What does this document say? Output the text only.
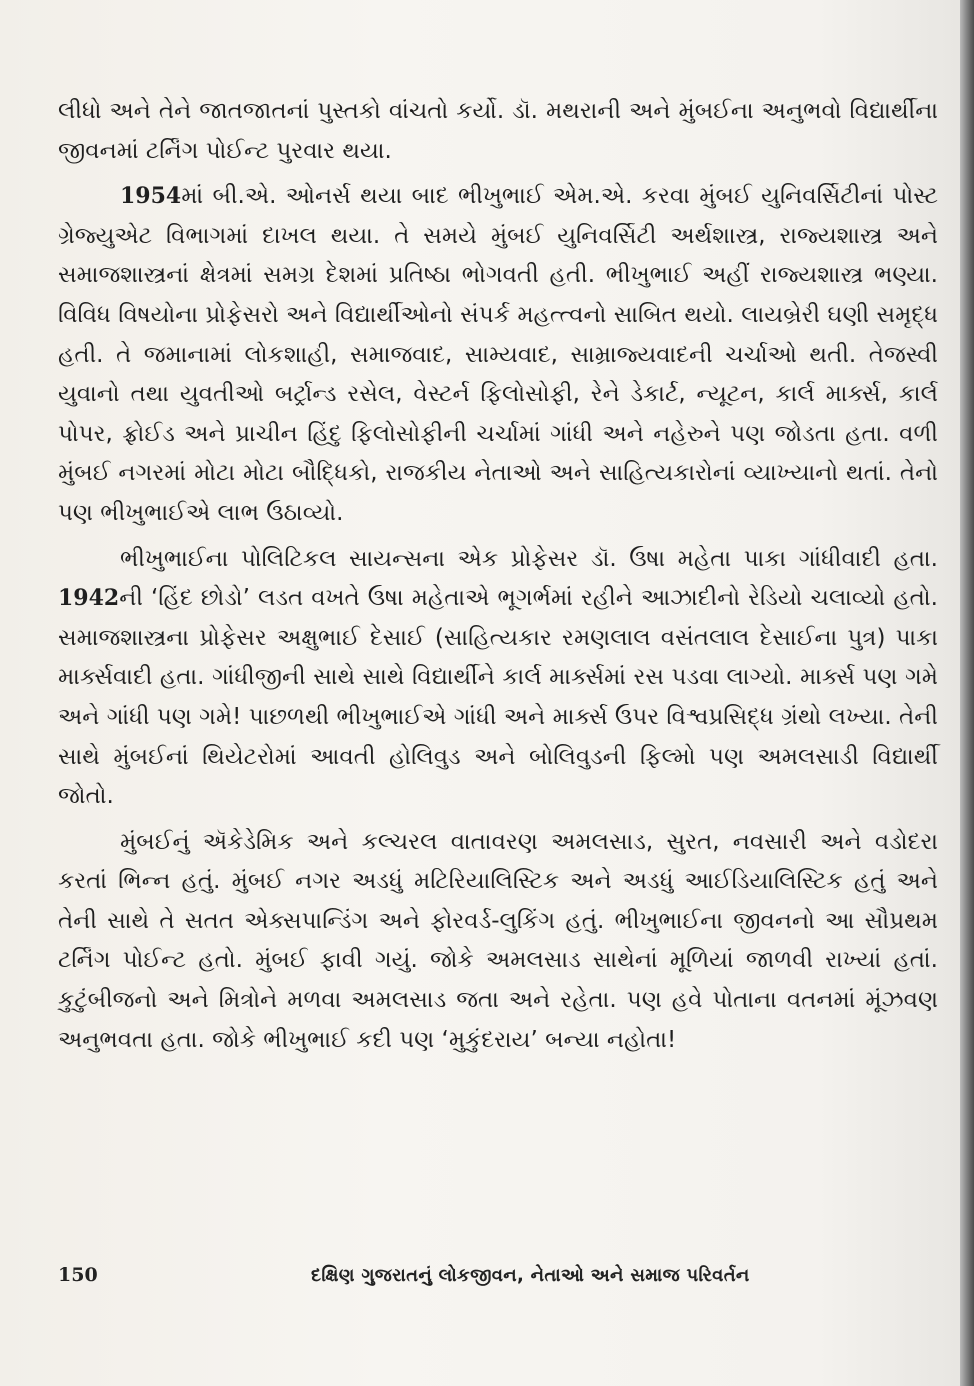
લીધો અને તેને જાતજાતનાં પુસ્તકો વાંચતો કર્યો. ડૉ. મથરાની અને મુંબઈના અનુભવો વિદ્યાર્થીના જીવનમાં ટર્નિંગ પોઈન્ટ પુરવાર થયા.

1954માં બી.એ. ઓનર્સ થયા બાદ ભીખુભાઈ એમ.એ. કરવા મુંબઈ યુનિવર્સિટીનાં પોસ્ટ ગ્રેજ્યુએટ વિભાગમાં દાખલ થયા. તે સમયે મુંબઈ યુનિવર્સિટી અર્થશાસ્ત્ર, રાજ્યશાસ્ત્ર અને સમાજશાસ્ત્રનાં ક્ષેત્રમાં સમગ્ર દેશમાં પ્રતિષ્ઠા ભોગવતી હતી. ભીખુભાઈ અહીં રાજ્યશાસ્ત્ર ભણ્યા. વિવિધ વિષયોના પ્રોફેસરો અને વિદ્યાર્થીઓનો સંપર્ક મહત્ત્વનો સાબિત થયો. લાયબ્રેરી ઘણી સમૃદ્ધ હતી. તે જમાનામાં લોકશાહી, સમાજવાદ, સામ્યવાદ, સામ્રાજ્યવાદની ચર્ચાઓ થતી. તેજસ્વી યુવાનો તથા યુવતીઓ બર્ટ્રાન્ડ રસેલ, વેસ્ટર્ન ફિલોસોફી, રેને ડેકાર્ટ, ન્યૂટન, કાર્લ માર્ક્સ, કાર્લ પોપર, ફ્રોઈડ અને પ્રાચીન હિંદુ ફિલોસોફીની ચર્ચામાં ગાંધી અને નહેરુને પણ જોડતા હતા. વળી મુંબઈ નગરમાં મોટા મોટા બૌદ્ધિકો, રાજકીય નેતાઓ અને સાહિત્યકારોનાં વ્યાખ્યાનો થતાં. તેનો પણ ભીખુભાઈએ લાભ ઉઠાવ્યો.

ભીખુભાઈના પોલિટિકલ સાયન્સના એક પ્રોફેસર ડૉ. ઉષા મહેતા પાકા ગાંધીવાદી હતા. 1942ની ‘હિંદ છોડો’ લડત વખતે ઉષા મહેતાએ ભૂગર્ભમાં રહીને આઝાદીનો રેડિયો ચલાવ્યો હતો. સમાજશાસ્ત્રના પ્રોફેસર અક્ષુભાઈ દેસાઈ (સાહિત્યકાર રમણલાલ વસંતલાલ દેસાઈના પુત્ર) પાકા માર્ક્સવાદી હતા. ગાંધીજીની સાથે સાથે વિદ્યાર્થીને કાર્લ માર્ક્સમાં રસ પડવા લાગ્યો. માર્ક્સ પણ ગમે અને ગાંધી પણ ગમે! પાછળથી ભીખુભાઈએ ગાંધી અને માર્ક્સ ઉપર વિશ્વપ્રસિદ્ધ ગ્રંથો લખ્યા. તેની સાથે મુંબઈનાં થિયેટરોમાં આવતી હોલિવુડ અને બોલિવુડની ફિલ્મો પણ અમલસાડી વિદ્યાર્થી જોતો.

મુંબઈનું ઍકેડેમિક અને કલ્ચરલ વાતાવરણ અમલસાડ, સુરત, નવસારી અને વડોદરા કરતાં ભિન્ન હતું. મુંબઈ નગર અડધું મટિરિયાલિસ્ટિક અને અડધું આઈડિયાલિસ્ટિક હતું અને તેની સાથે તે સતત એક્સપાન્ડિંગ અને ફોરવર્ડ-લુકિંગ હતું. ભીખુભાઈના જીવનનો આ સૌપ્રથમ ટર્નિંગ પોઈન્ટ હતો. મુંબઈ ફાવી ગયું. જોકે અમલસાડ સાથેનાં મૂળિયાં જાળવી રાખ્યાં હતાં. કુટુંબીજનો અને મિત્રોને મળવા અમલસાડ જતા અને રહેતા. પણ હવે પોતાના વતનમાં મૂંઝવણ અનુભવતા હતા. જોકે ભીખુભાઈ કદી પણ ‘મુકુંદરાય’ બન્યા નહોતા!

150	દક્ષિણ ગુજરાતનું લોકજીવન, નેતાઓ અને સમાજ પરિવર્તન
